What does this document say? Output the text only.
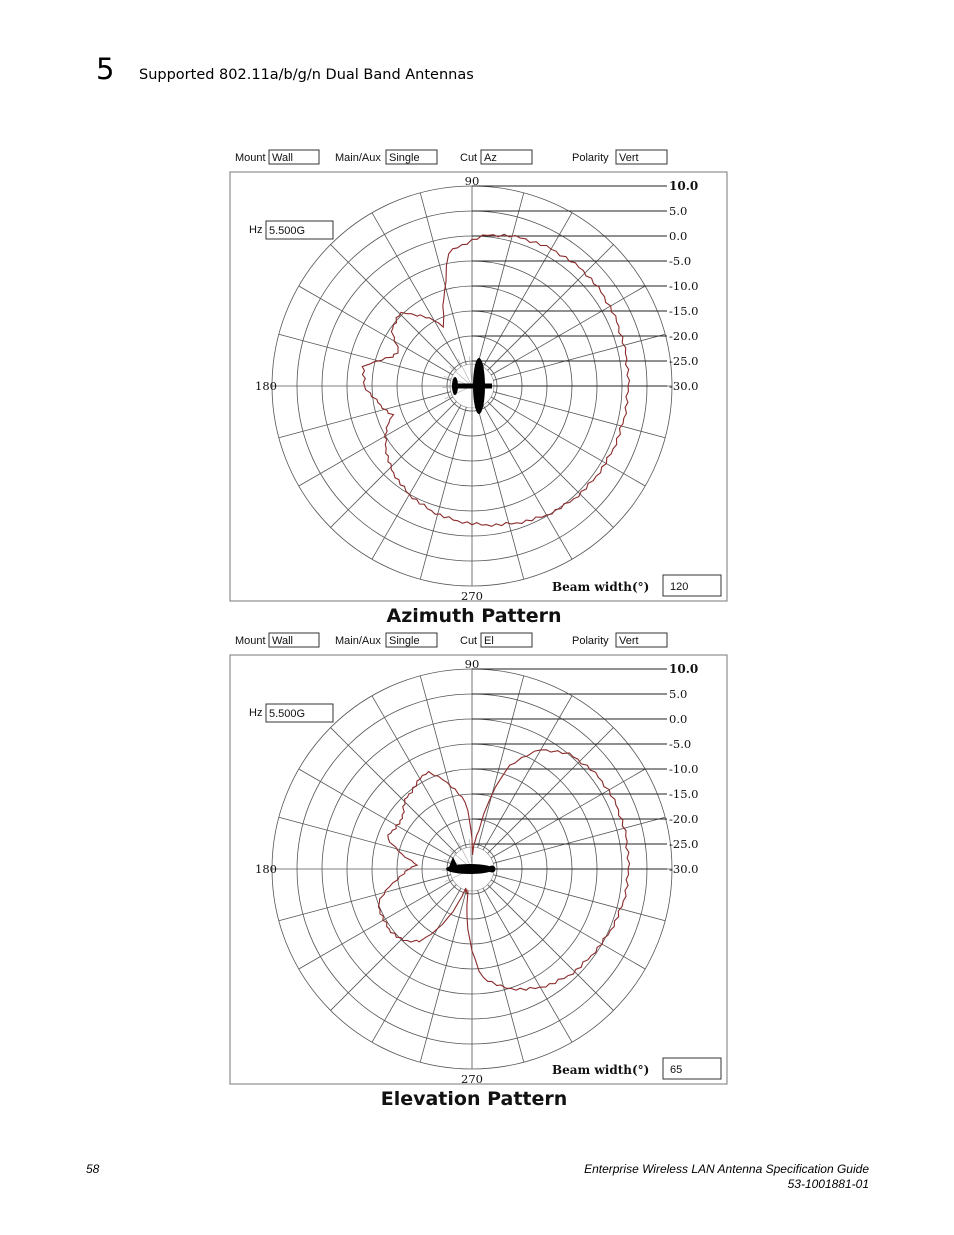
5 Supported 802.11a/b/g/n Dual Band Antennas
Mount Wall	Main/Aux Single	Cut Az	Polarity Vert
Hz 5.500G
10.0
5.0
0.0
-5.0
-10.0
-15.0
-20.0
-25.0
-30.0
90
180
270
Beam width(°) 120
Azimuth Pattern
Mount Wall	Main/Aux Single	Cut El	Polarity Vert
Hz 5.500G
10.0
5.0
0.0
-5.0
-10.0
-15.0
-20.0
-25.0
-30.0
90
180
270
Beam width(°) 65
Elevation Pattern
58	Enterprise Wireless LAN Antenna Specification Guide
53-1001881-01
